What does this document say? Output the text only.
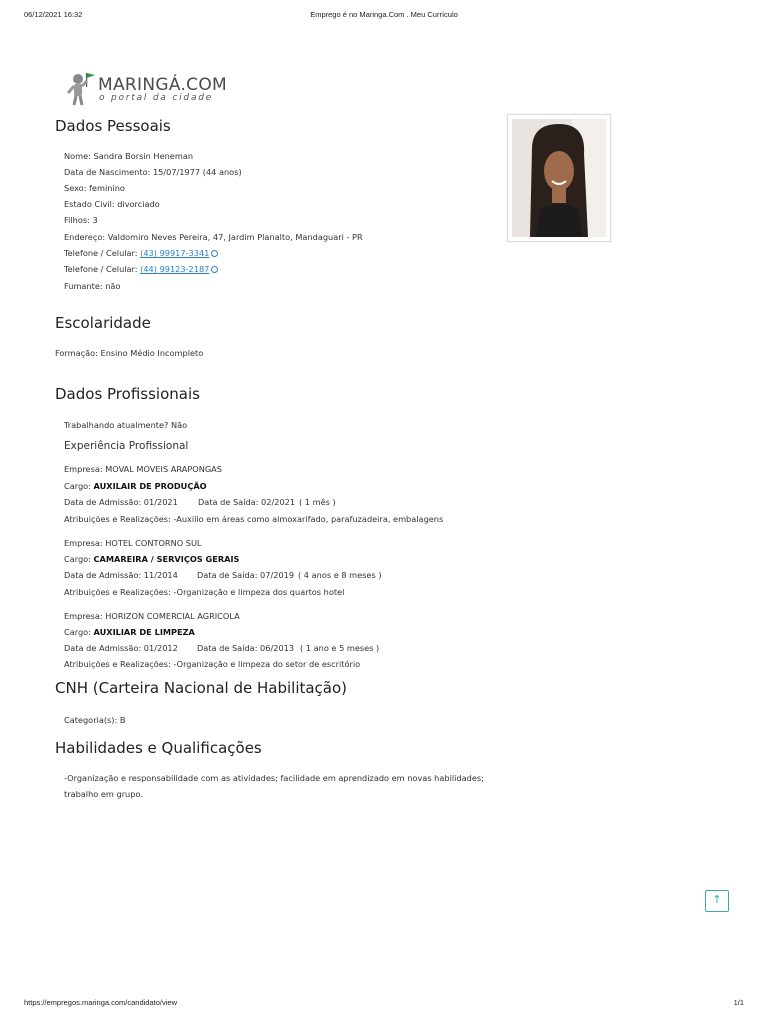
06/12/2021 16:32	Emprego é no Maringa.Com . Meu Currículo
MARINGÁ.COM
o portal da cidade
Dados Pessoais
Nome: Sandra Borsin Heneman
Data de Nascimento: 15/07/1977 (44 anos)
Sexo: feminino
Estado Civil: divorciado
Filhos: 3
Endereço: Valdomiro Neves Pereira, 47, Jardim Planalto, Mandaguari - PR
Telefone / Celular: (43) 99917-3341
Telefone / Celular: (44) 99123-2187
Fumante: não
Escolaridade
Formação: Ensino Médio Incompleto
Dados Profissionais
Trabalhando atualmente? Não
Experiência Profissional
Empresa: MOVAL MOVEIS ARAPONGAS
Cargo: AUXILAIR DE PRODUÇÃO
Data de Admissão: 01/2021 Data de Saída: 02/2021 ( 1 mês )
Atribuições e Realizações: -Auxilio em áreas como almoxarifado, parafuzadeira, embalagens
Empresa: HOTEL CONTORNO SUL
Cargo: CAMAREIRA / SERVIÇOS GERAIS
Data de Admissão: 11/2014 Data de Saída: 07/2019 ( 4 anos e 8 meses )
Atribuições e Realizações: -Organização e limpeza dos quartos hotel
Empresa: HORIZON COMERCIAL AGRICOLA
Cargo: AUXILIAR DE LIMPEZA
Data de Admissão: 01/2012 Data de Saída: 06/2013 ( 1 ano e 5 meses )
Atribuições e Realizações: -Organização e limpeza do setor de escritório
CNH (Carteira Nacional de Habilitação)
Categoria(s): B
Habilidades e Qualificações
-Organização e responsabilidade com as atividades; facilidade em aprendizado em novas habilidades;
trabalho em grupo.
↑
https://empregos.maringa.com/candidato/view	1/1
